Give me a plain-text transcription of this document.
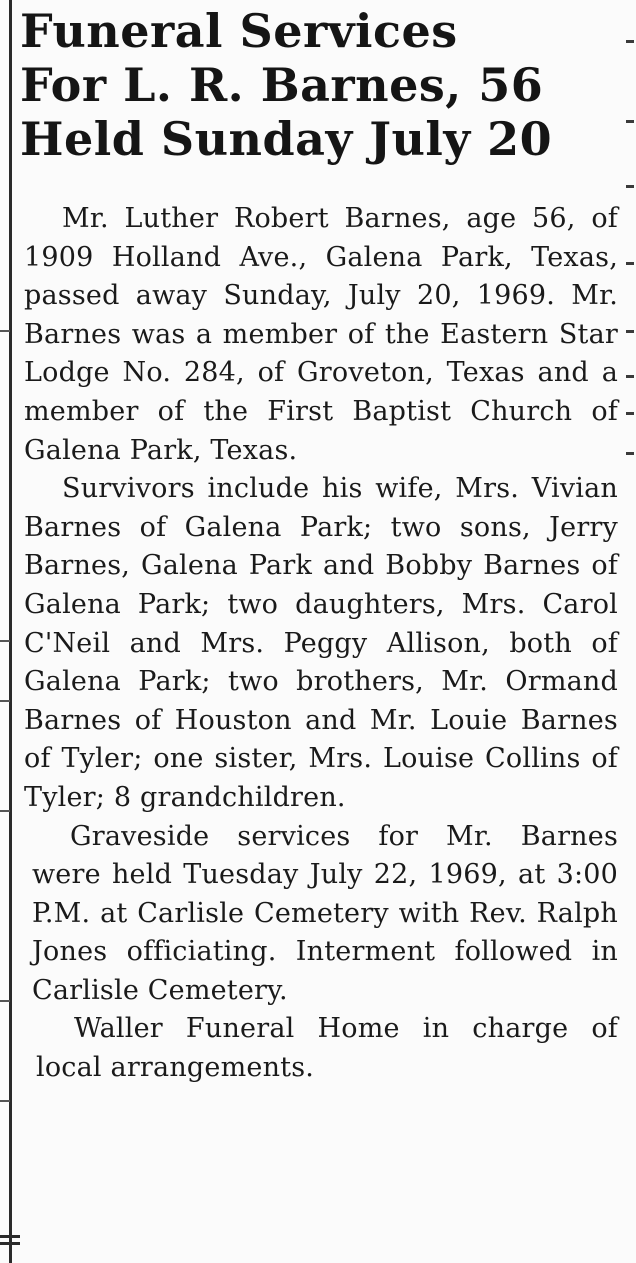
Funeral Services
For L. R. Barnes, 56
Held Sunday July 20

Mr. Luther Robert Barnes, age 56, of 1909 Holland Ave., Galena Park, Texas, passed away Sunday, July 20, 1969. Mr. Barnes was a member of the Eastern Star Lodge No. 284, of Groveton, Texas and a member of the First Baptist Church of Galena Park, Texas.

Survivors include his wife, Mrs. Vivian Barnes of Galena Park; two sons, Jerry Barnes, Galena Park and Bobby Barnes of Galena Park; two daughters, Mrs. Carol C'Neil and Mrs. Peggy Allison, both of Galena Park; two brothers, Mr. Ormand Barnes of Houston and Mr. Louie Barnes of Tyler; one sister, Mrs. Louise Collins of Tyler; 8 grandchildren.

Graveside services for Mr. Barnes were held Tuesday July 22, 1969, at 3:00 P.M. at Carlisle Cemetery with Rev. Ralph Jones officiating. Interment followed in Carlisle Cemetery.

Waller Funeral Home in charge of local arrangements.
